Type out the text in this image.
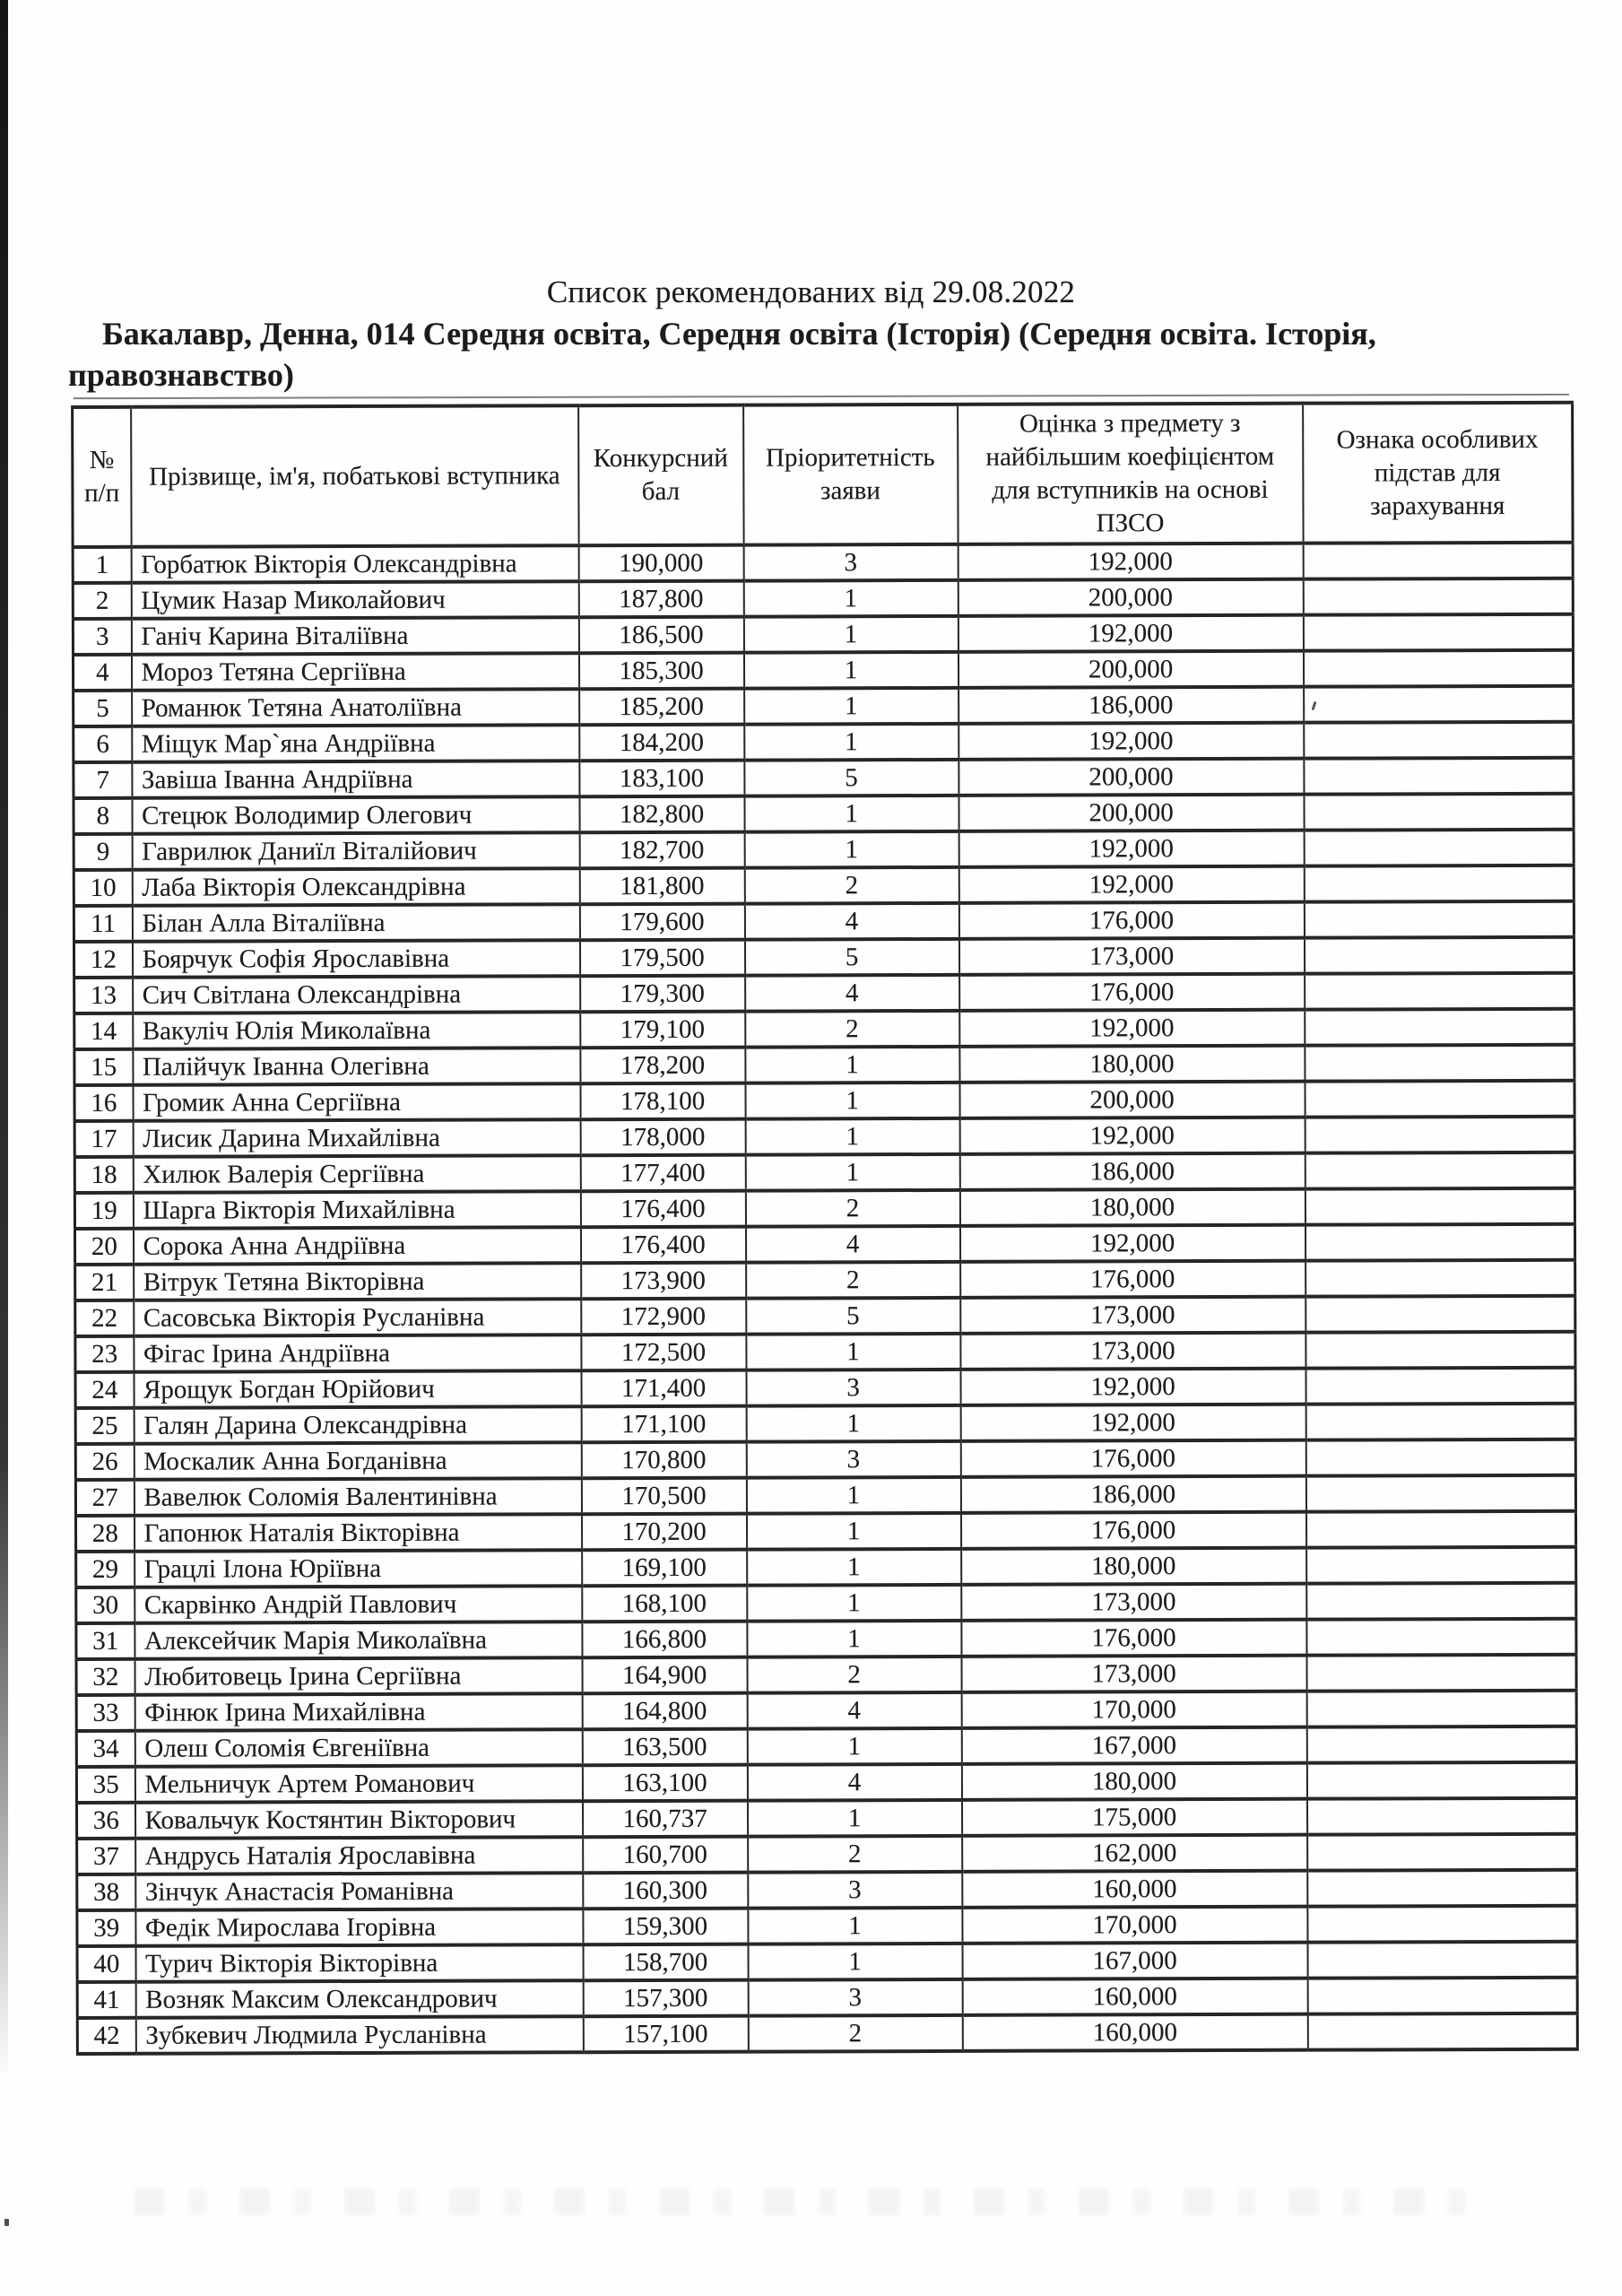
Список рекомендованих від 29.08.2022
Бакалавр, Денна, 014 Середня освіта, Середня освіта (Історія) (Середня освіта. Історія,
правознавство)
№ п/п	Прізвище, ім'я, побатькові вступника	Конкурсний бал	Пріоритетність заяви	Оцінка з предмету з найбільшим коефіцієнтом для вступників на основі ПЗСО	Ознака особливих підстав для зарахування
1	Горбатюк Вікторія Олександрівна	190,000	3	192,000	
2	Цумик Назар Миколайович	187,800	1	200,000	
3	Ганіч Карина Віталіївна	186,500	1	192,000	
4	Мороз Тетяна Сергіївна	185,300	1	200,000	
5	Романюк Тетяна Анатоліївна	185,200	1	186,000	
6	Міщук Мар`яна Андріївна	184,200	1	192,000	
7	Завіша Іванна Андріївна	183,100	5	200,000	
8	Стецюк Володимир Олегович	182,800	1	200,000	
9	Гаврилюк Даниїл Віталійович	182,700	1	192,000	
10	Лаба Вікторія Олександрівна	181,800	2	192,000	
11	Білан Алла Віталіївна	179,600	4	176,000	
12	Боярчук Софія Ярославівна	179,500	5	173,000	
13	Сич Світлана Олександрівна	179,300	4	176,000	
14	Вакуліч Юлія Миколаївна	179,100	2	192,000	
15	Палійчук Іванна Олегівна	178,200	1	180,000	
16	Громик Анна Сергіївна	178,100	1	200,000	
17	Лисик Дарина Михайлівна	178,000	1	192,000	
18	Хилюк Валерія Сергіївна	177,400	1	186,000	
19	Шарга Вікторія Михайлівна	176,400	2	180,000	
20	Сорока Анна Андріївна	176,400	4	192,000	
21	Вітрук Тетяна Вікторівна	173,900	2	176,000	
22	Сасовська Вікторія Русланівна	172,900	5	173,000	
23	Фігас Ірина Андріївна	172,500	1	173,000	
24	Ярощук Богдан Юрійович	171,400	3	192,000	
25	Галян Дарина Олександрівна	171,100	1	192,000	
26	Москалик Анна Богданівна	170,800	3	176,000	
27	Вавелюк Соломія Валентинівна	170,500	1	186,000	
28	Гапонюк Наталія Вікторівна	170,200	1	176,000	
29	Грацлі Ілона Юріївна	169,100	1	180,000	
30	Скарвінко Андрій Павлович	168,100	1	173,000	
31	Алексейчик Марія Миколаївна	166,800	1	176,000	
32	Любитовець Ірина Сергіївна	164,900	2	173,000	
33	Фінюк Ірина Михайлівна	164,800	4	170,000	
34	Олеш Соломія Євгеніївна	163,500	1	167,000	
35	Мельничук Артем Романович	163,100	4	180,000	
36	Ковальчук Костянтин Вікторович	160,737	1	175,000	
37	Андрусь Наталія Ярославівна	160,700	2	162,000	
38	Зінчук Анастасія Романівна	160,300	3	160,000	
39	Федік Мирослава Ігорівна	159,300	1	170,000	
40	Турич Вікторія Вікторівна	158,700	1	167,000	
41	Возняк Максим Олександрович	157,300	3	160,000	
42	Зубкевич Людмила Русланівна	157,100	2	160,000	
